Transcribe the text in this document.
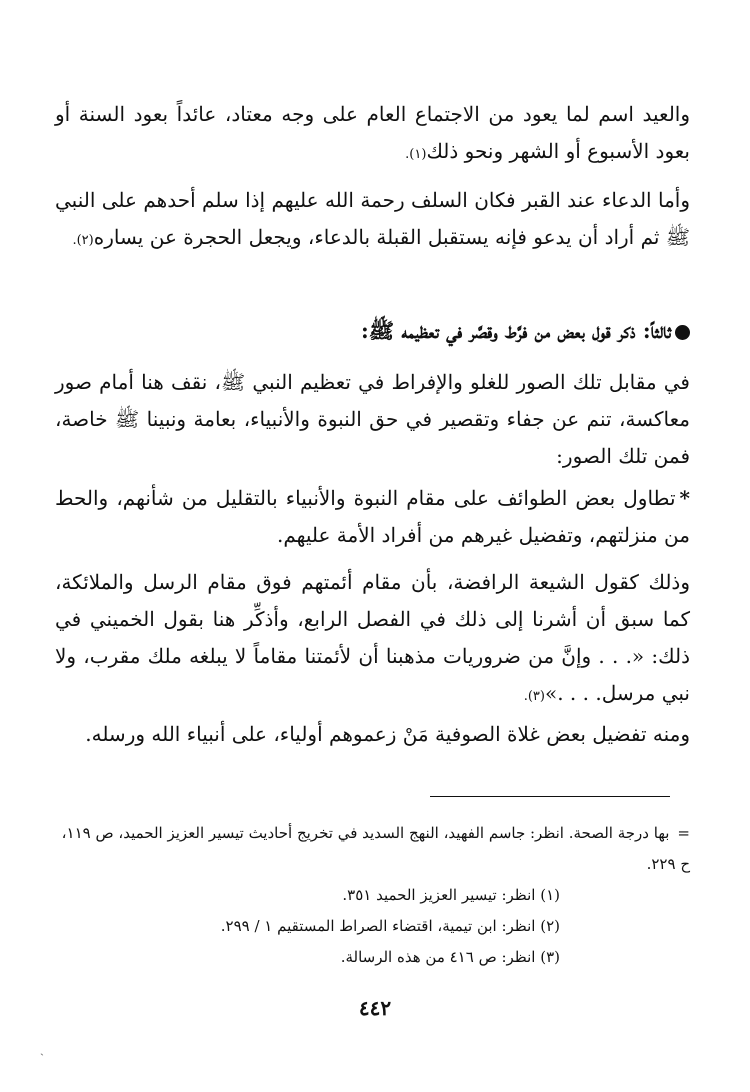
والعيد اسم لما يعود من الاجتماع العام على وجه معتاد، عائداً بعود السنة أو بعود الأسبوع أو الشهر ونحو ذلك(١).

وأما الدعاء عند القبر فكان السلف رحمة الله عليهم إذا سلم أحدهم على النبي ﷺ ثم أراد أن يدعو فإنه يستقبل القبلة بالدعاء، ويجعل الحجرة عن يساره(٢).

ثالثاً: ذكر قول بعض من فرَّط وقصَّر في تعظيمه ﷺ:

في مقابل تلك الصور للغلو والإفراط في تعظيم النبي ﷺ، نقف هنا أمام صور معاكسة، تنم عن جفاء وتقصير في حق النبوة والأنبياء، بعامة ونبينا ﷺ خاصة، فمن تلك الصور:

*تطاول بعض الطوائف على مقام النبوة والأنبياء بالتقليل من شأنهم، والحط من منزلتهم، وتفضيل غيرهم من أفراد الأمة عليهم.

وذلك كقول الشيعة الرافضة، بأن مقام أئمتهم فوق مقام الرسل والملائكة، كما سبق أن أشرنا إلى ذلك في الفصل الرابع، وأذكِّر هنا بقول الخميني في ذلك: «. . . وإنَّ من ضروريات مذهبنا أن لأئمتنا مقاماً لا يبلغه ملك مقرب، ولا نبي مرسل. . . .»(٣).

ومنه تفضيل بعض غلاة الصوفية مَنْ زعموهم أولياء، على أنبياء الله ورسله.

=بها درجة الصحة. انظر: جاسم الفهيد، النهج السديد في تخريج أحاديث تيسير العزيز الحميد، ص ١١٩، ح ٢٢٩.

(١) انظر: تيسير العزيز الحميد ٣٥١.

(٢) انظر: ابن تيمية، اقتضاء الصراط المستقيم ١ / ٢٩٩.

(٣) انظر: ص ٤١٦ من هذه الرسالة.

٤٤٢
ˏ
